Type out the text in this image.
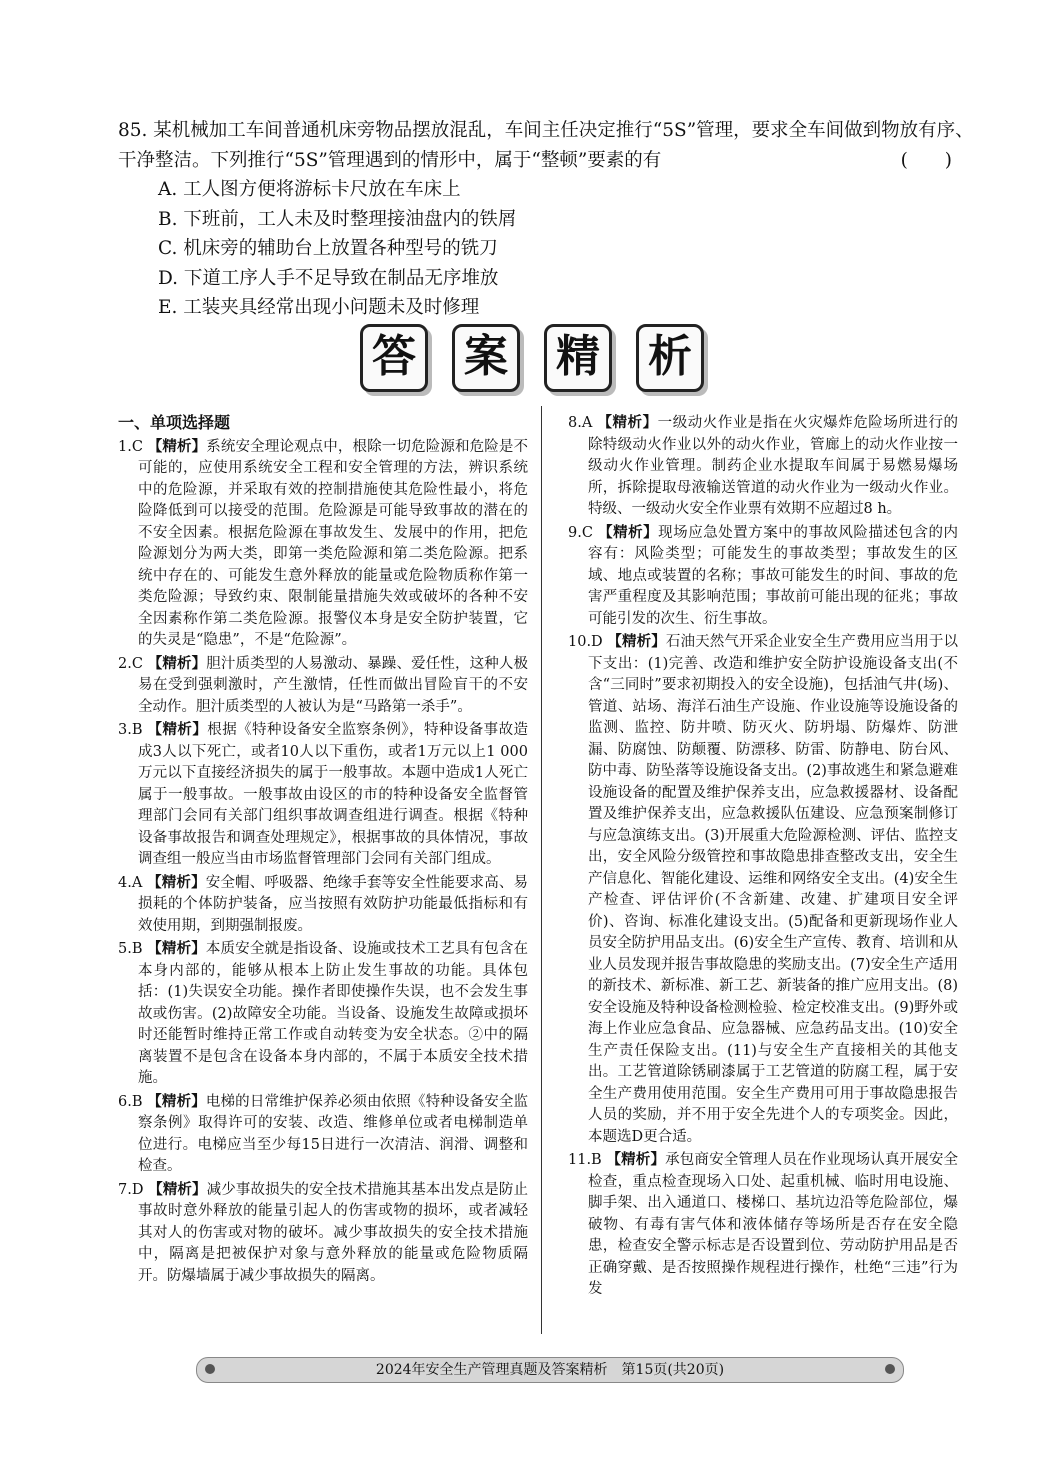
85. 某机械加工车间普通机床旁物品摆放混乱，车间主任决定推行“5S”管理，要求全车间做到物放有序、干净整洁。下列推行“5S”管理遇到的情形中，属于“整顿”要素的有	(　　)
A. 工人图方便将游标卡尺放在车床上
B. 下班前，工人未及时整理接油盘内的铁屑
C. 机床旁的辅助台上放置各种型号的铣刀
D. 下道工序人手不足导致在制品无序堆放
E. 工装夹具经常出现小问题未及时修理
答 案 精 析
一、单项选择题
1.C 【精析】系统安全理论观点中，根除一切危险源和危险是不可能的，应使用系统安全工程和安全管理的方法，辨识系统中的危险源，并采取有效的控制措施使其危险性最小，将危险降低到可以接受的范围。危险源是可能导致事故的潜在的不安全因素。根据危险源在事故发生、发展中的作用，把危险源划分为两大类，即第一类危险源和第二类危险源。把系统中存在的、可能发生意外释放的能量或危险物质称作第一类危险源；导致约束、限制能量措施失效或破坏的各种不安全因素称作第二类危险源。报警仪本身是安全防护装置，它的失灵是“隐患”，不是“危险源”。
2.C 【精析】胆汁质类型的人易激动、暴躁、爱任性，这种人极易在受到强刺激时，产生激情，任性而做出冒险盲干的不安全动作。胆汁质类型的人被认为是“马路第一杀手”。
3.B 【精析】根据《特种设备安全监察条例》，特种设备事故造成3人以下死亡，或者10人以下重伤，或者1万元以上1 000万元以下直接经济损失的属于一般事故。本题中造成1人死亡属于一般事故。一般事故由设区的市的特种设备安全监督管理部门会同有关部门组织事故调查组进行调查。根据《特种设备事故报告和调查处理规定》，根据事故的具体情况，事故调查组一般应当由市场监督管理部门会同有关部门组成。
4.A 【精析】安全帽、呼吸器、绝缘手套等安全性能要求高、易损耗的个体防护装备，应当按照有效防护功能最低指标和有效使用期，到期强制报废。
5.B 【精析】本质安全就是指设备、设施或技术工艺具有包含在本身内部的，能够从根本上防止发生事故的功能。具体包括：(1)失误安全功能。操作者即使操作失误，也不会发生事故或伤害。(2)故障安全功能。当设备、设施发生故障或损坏时还能暂时维持正常工作或自动转变为安全状态。②中的隔离装置不是包含在设备本身内部的，不属于本质安全技术措施。
6.B 【精析】电梯的日常维护保养必须由依照《特种设备安全监察条例》取得许可的安装、改造、维修单位或者电梯制造单位进行。电梯应当至少每15日进行一次清洁、润滑、调整和检查。
7.D 【精析】减少事故损失的安全技术措施其基本出发点是防止事故时意外释放的能量引起人的伤害或物的损坏，或者减轻其对人的伤害或对物的破坏。减少事故损失的安全技术措施中，隔离是把被保护对象与意外释放的能量或危险物质隔开。防爆墙属于减少事故损失的隔离。
8.A 【精析】一级动火作业是指在火灾爆炸危险场所进行的除特级动火作业以外的动火作业，管廊上的动火作业按一级动火作业管理。制药企业水提取车间属于易燃易爆场所，拆除提取母液输送管道的动火作业为一级动火作业。特级、一级动火安全作业票有效期不应超过8 h。
9.C 【精析】现场应急处置方案中的事故风险描述包含的内容有：风险类型；可能发生的事故类型；事故发生的区域、地点或装置的名称；事故可能发生的时间、事故的危害严重程度及其影响范围；事故前可能出现的征兆；事故可能引发的次生、衍生事故。
10.D 【精析】石油天然气开采企业安全生产费用应当用于以下支出：(1)完善、改造和维护安全防护设施设备支出(不含“三同时”要求初期投入的安全设施)，包括油气井(场)、管道、站场、海洋石油生产设施、作业设施等设施设备的监测、监控、防井喷、防灭火、防坍塌、防爆炸、防泄漏、防腐蚀、防颠覆、防漂移、防雷、防静电、防台风、防中毒、防坠落等设施设备支出。(2)事故逃生和紧急避难设施设备的配置及维护保养支出，应急救援器材、设备配置及维护保养支出，应急救援队伍建设、应急预案制修订与应急演练支出。(3)开展重大危险源检测、评估、监控支出，安全风险分级管控和事故隐患排查整改支出，安全生产信息化、智能化建设、运维和网络安全支出。(4)安全生产检查、评估评价(不含新建、改建、扩建项目安全评价)、咨询、标准化建设支出。(5)配备和更新现场作业人员安全防护用品支出。(6)安全生产宣传、教育、培训和从业人员发现并报告事故隐患的奖励支出。(7)安全生产适用的新技术、新标准、新工艺、新装备的推广应用支出。(8)安全设施及特种设备检测检验、检定校准支出。(9)野外或海上作业应急食品、应急器械、应急药品支出。(10)安全生产责任保险支出。(11)与安全生产直接相关的其他支出。工艺管道除锈刷漆属于工艺管道的防腐工程，属于安全生产费用使用范围。安全生产费用可用于事故隐患报告人员的奖励，并不用于安全先进个人的专项奖金。因此，本题选D更合适。
11.B 【精析】承包商安全管理人员在作业现场认真开展安全检查，重点检查现场入口处、起重机械、临时用电设施、脚手架、出入通道口、楼梯口、基坑边沿等危险部位，爆破物、有毒有害气体和液体储存等场所是否存在安全隐患，检查安全警示标志是否设置到位、劳动防护用品是否正确穿戴、是否按照操作规程进行操作，杜绝“三违”行为发
2024年安全生产管理真题及答案精析　第15页(共20页)
